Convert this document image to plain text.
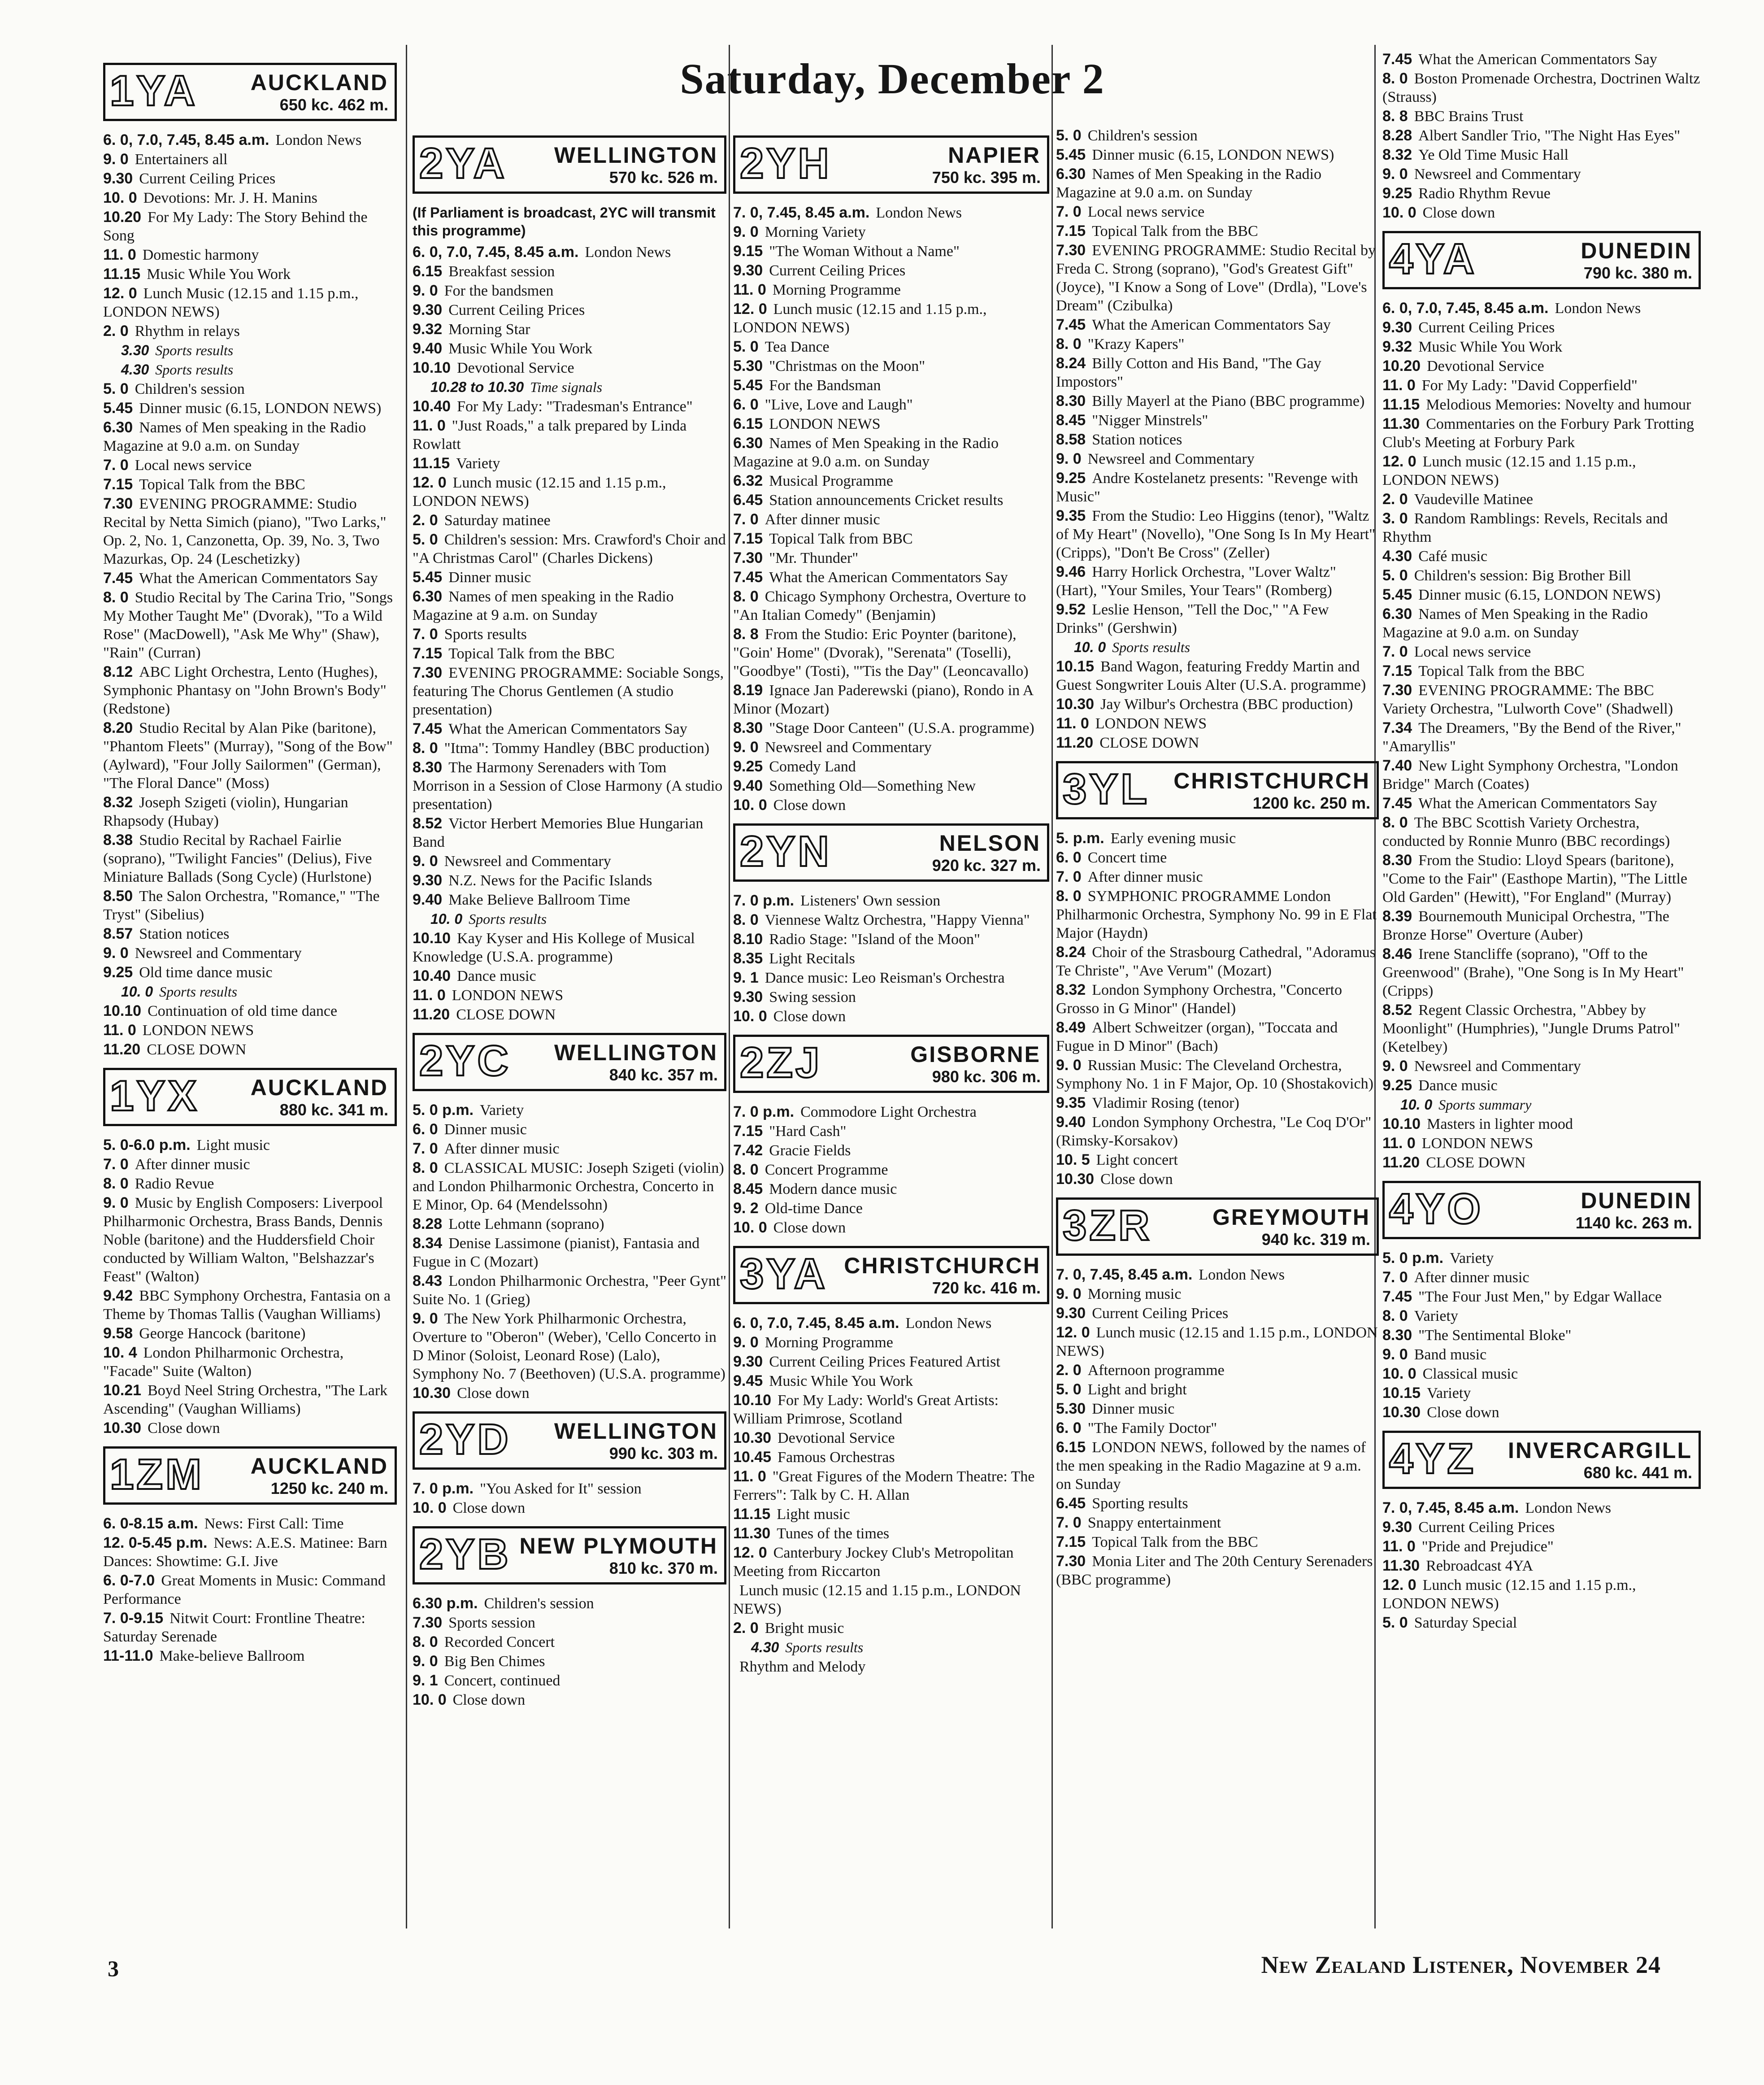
Saturday, December 2
1YA AUCKLAND
650 kc. 462 m.
6. 0, 7.0, 7.45, 8.45 a.m. London News
9. 0 Entertainers all
9.30 Current Ceiling Prices
10. 0 Devotions: Mr. J. H. Manins
10.20 For My Lady: The Story Behind the Song
11. 0 Domestic harmony
11.15 Music While You Work
12. 0 Lunch Music (12.15 and 1.15 p.m., LONDON NEWS)
2. 0 Rhythm in relays
3.30 Sports results
4.30 Sports results
5. 0 Children's session
5.45 Dinner music (6.15, LONDON NEWS)
6.30 Names of Men speaking in the Radio Magazine at 9.0 a.m. on Sunday
7. 0 Local news service
7.15 Topical Talk from the BBC
7.30 EVENING PROGRAMME: Studio Recital by Netta Simich (piano), "Two Larks," Op. 2, No. 1, Canzonetta, Op. 39, No. 3, Two Mazurkas, Op. 24 (Leschetizky)
7.45 What the American Commentators Say
8. 0 Studio Recital by The Carina Trio, "Songs My Mother Taught Me" (Dvorak), "To a Wild Rose" (MacDowell), "Ask Me Why" (Shaw), "Rain" (Curran)
8.12 ABC Light Orchestra, Lento (Hughes), Symphonic Phantasy on "John Brown's Body" (Redstone)
8.20 Studio Recital by Alan Pike (baritone), "Phantom Fleets" (Murray), "Song of the Bow" (Aylward), "Four Jolly Sailormen" (German), "The Floral Dance" (Moss)
8.32 Joseph Szigeti (violin), Hungarian Rhapsody (Hubay)
8.38 Studio Recital by Rachael Fairlie (soprano), "Twilight Fancies" (Delius), Five Miniature Ballads (Song Cycle) (Hurlstone)
8.50 The Salon Orchestra, "Romance," "The Tryst" (Sibelius)
8.57 Station notices
9. 0 Newsreel and Commentary
9.25 Old time dance music
10. 0 Sports results
10.10 Continuation of old time dance
11. 0 LONDON NEWS
11.20 CLOSE DOWN
1YX AUCKLAND
880 kc. 341 m.
5. 0-6.0 p.m. Light music
7. 0 After dinner music
8. 0 Radio Revue
9. 0 Music by English Composers: Liverpool Philharmonic Orchestra, Brass Bands, Dennis Noble (baritone) and the Huddersfield Choir conducted by William Walton, "Belshazzar's Feast" (Walton)
9.42 BBC Symphony Orchestra, Fantasia on a Theme by Thomas Tallis (Vaughan Williams)
9.58 George Hancock (baritone)
10. 4 London Philharmonic Orchestra, "Facade" Suite (Walton)
10.21 Boyd Neel String Orchestra, "The Lark Ascending" (Vaughan Williams)
10.30 Close down
1ZM AUCKLAND
1250 kc. 240 m.
6. 0-8.15 a.m. News: First Call: Time
12. 0-5.45 p.m. News: A.E.S. Matinee: Barn Dances: Showtime: G.I. Jive
6. 0-7.0 Great Moments in Music: Command Performance
7. 0-9.15 Nitwit Court: Frontline Theatre: Saturday Serenade
11-11.0 Make-believe Ballroom
2YA WELLINGTON
570 kc. 526 m.
(If Parliament is broadcast, 2YC will transmit this programme)
6. 0, 7.0, 7.45, 8.45 a.m. London News
6.15 Breakfast session
9. 0 For the bandsmen
9.30 Current Ceiling Prices
9.32 Morning Star
9.40 Music While You Work
10.10 Devotional Service
10.28 to 10.30 Time signals
10.40 For My Lady: "Tradesman's Entrance"
11. 0 "Just Roads," a talk prepared by Linda Rowlatt
11.15 Variety
12. 0 Lunch music (12.15 and 1.15 p.m., LONDON NEWS)
2. 0 Saturday matinee
5. 0 Children's session: Mrs. Crawford's Choir and "A Christmas Carol" (Charles Dickens)
5.45 Dinner music
6.30 Names of men speaking in the Radio Magazine at 9 a.m. on Sunday
7. 0 Sports results
7.15 Topical Talk from the BBC
7.30 EVENING PROGRAMME: Sociable Songs, featuring The Chorus Gentlemen (A studio presentation)
7.45 What the American Commentators Say
8. 0 "Itma": Tommy Handley (BBC production)
8.30 The Harmony Serenaders with Tom Morrison in a Session of Close Harmony (A studio presentation)
8.52 Victor Herbert Memories Blue Hungarian Band
9. 0 Newsreel and Commentary
9.30 N.Z. News for the Pacific Islands
9.40 Make Believe Ballroom Time
10. 0 Sports results
10.10 Kay Kyser and His Kollege of Musical Knowledge (U.S.A. programme)
10.40 Dance music
11. 0 LONDON NEWS
11.20 CLOSE DOWN
2YC WELLINGTON
840 kc. 357 m.
5. 0 p.m. Variety
6. 0 Dinner music
7. 0 After dinner music
8. 0 CLASSICAL MUSIC: Joseph Szigeti (violin) and London Philharmonic Orchestra, Concerto in E Minor, Op. 64 (Mendelssohn)
8.28 Lotte Lehmann (soprano)
8.34 Denise Lassimone (pianist), Fantasia and Fugue in C (Mozart)
8.43 London Philharmonic Orchestra, "Peer Gynt" Suite No. 1 (Grieg)
9. 0 The New York Philharmonic Orchestra, Overture to "Oberon" (Weber), 'Cello Concerto in D Minor (Soloist, Leonard Rose) (Lalo), Symphony No. 7 (Beethoven) (U.S.A. programme)
10.30 Close down
2YD WELLINGTON
990 kc. 303 m.
7. 0 p.m. "You Asked for It" session
10. 0 Close down
2YB NEW PLYMOUTH
810 kc. 370 m.
6.30 p.m. Children's session
7.30 Sports session
8. 0 Recorded Concert
9. 0 Big Ben Chimes
9. 1 Concert, continued
10. 0 Close down
2YH	NAPIER
750 kc. 395 m.
7. 0, 7.45, 8.45 a.m. London News
9. 0 Morning Variety
9.15 "The Woman Without a Name"
9.30 Current Ceiling Prices
11. 0 Morning Programme
12. 0 Lunch music (12.15 and 1.15 p.m., LONDON NEWS)
5. 0 Tea Dance
5.30 "Christmas on the Moon"
5.45 For the Bandsman
6. 0 "Live, Love and Laugh"
6.15 LONDON NEWS
6.30 Names of Men Speaking in the Radio Magazine at 9.0 a.m. on Sunday
6.32 Musical Programme
6.45 Station announcements Cricket results
7. 0 After dinner music
7.15 Topical Talk from BBC
7.30 "Mr. Thunder"
7.45 What the American Commentators Say
8. 0 Chicago Symphony Orchestra, Overture to "An Italian Comedy" (Benjamin)
8. 8 From the Studio: Eric Poynter (baritone), "Goin' Home" (Dvorak), "Serenata" (Toselli), "Goodbye" (Tosti), "'Tis the Day" (Leoncavallo)
8.19 Ignace Jan Paderewski (piano), Rondo in A Minor (Mozart)
8.30 "Stage Door Canteen" (U.S.A. programme)
9. 0 Newsreel and Commentary
9.25 Comedy Land
9.40 Something Old—Something New
10. 0 Close down
2YN	NELSON
920 kc. 327 m.
7. 0 p.m. Listeners' Own session
8. 0 Viennese Waltz Orchestra, "Happy Vienna"
8.10 Radio Stage: "Island of the Moon"
8.35 Light Recitals
9. 1 Dance music: Leo Reisman's Orchestra
9.30 Swing session
10. 0 Close down
2ZJ	GISBORNE
980 kc. 306 m.
7. 0 p.m. Commodore Light Orchestra
7.15 "Hard Cash"
7.42 Gracie Fields
8. 0 Concert Programme
8.45 Modern dance music
9. 2 Old-time Dance
10. 0 Close down
3YA CHRISTCHURCH
720 kc. 416 m.
6. 0, 7.0, 7.45, 8.45 a.m. London News
9. 0 Morning Programme
9.30 Current Ceiling Prices Featured Artist
9.45 Music While You Work
10.10 For My Lady: World's Great Artists: William Primrose, Scotland
10.30 Devotional Service
10.45 Famous Orchestras
11. 0 "Great Figures of the Modern Theatre: The Ferrers": Talk by C. H. Allan
11.15 Light music
11.30 Tunes of the times
12. 0 Canterbury Jockey Club's Metropolitan Meeting from Riccarton
Lunch music (12.15 and 1.15 p.m., LONDON NEWS)
2. 0 Bright music
4.30 Sports results
Rhythm and Melody
5. 0 Children's session
5.45 Dinner music (6.15, LONDON NEWS)
6.30 Names of Men Speaking in the Radio Magazine at 9.0 a.m. on Sunday
7. 0 Local news service
7.15 Topical Talk from the BBC
7.30 EVENING PROGRAMME: Studio Recital by Freda C. Strong (soprano), "God's Greatest Gift" (Joyce), "I Know a Song of Love" (Drdla), "Love's Dream" (Czibulka)
7.45 What the American Commentators Say
8. 0 "Krazy Kapers"
8.24 Billy Cotton and His Band, "The Gay Impostors"
8.30 Billy Mayerl at the Piano (BBC programme)
8.45 "Nigger Minstrels"
8.58 Station notices
9. 0 Newsreel and Commentary
9.25 Andre Kostelanetz presents: "Revenge with Music"
9.35 From the Studio: Leo Higgins (tenor), "Waltz of My Heart" (Novello), "One Song Is In My Heart" (Cripps), "Don't Be Cross" (Zeller)
9.46 Harry Horlick Orchestra, "Lover Waltz" (Hart), "Your Smiles, Your Tears" (Romberg)
9.52 Leslie Henson, "Tell the Doc," "A Few Drinks" (Gershwin)
10. 0 Sports results
10.15 Band Wagon, featuring Freddy Martin and Guest Songwriter Louis Alter (U.S.A. programme)
10.30 Jay Wilbur's Orchestra (BBC production)
11. 0 LONDON NEWS
11.20 CLOSE DOWN
3YL CHRISTCHURCH
1200 kc. 250 m.
5. p.m. Early evening music
6. 0 Concert time
7. 0 After dinner music
8. 0 SYMPHONIC PROGRAMME London Philharmonic Orchestra, Symphony No. 99 in E Flat Major (Haydn)
8.24 Choir of the Strasbourg Cathedral, "Adoramus Te Christe", "Ave Verum" (Mozart)
8.32 London Symphony Orchestra, "Concerto Grosso in G Minor" (Handel)
8.49 Albert Schweitzer (organ), "Toccata and Fugue in D Minor" (Bach)
9. 0 Russian Music: The Cleveland Orchestra, Symphony No. 1 in F Major, Op. 10 (Shostakovich)
9.35 Vladimir Rosing (tenor)
9.40 London Symphony Orchestra, "Le Coq D'Or" (Rimsky-Korsakov)
10. 5 Light concert
10.30 Close down
3ZR	GREYMOUTH
940 kc. 319 m.
7. 0, 7.45, 8.45 a.m. London News
9. 0 Morning music
9.30 Current Ceiling Prices
12. 0 Lunch music (12.15 and 1.15 p.m., LONDON NEWS)
2. 0 Afternoon programme
5. 0 Light and bright
5.30 Dinner music
6. 0 "The Family Doctor"
6.15 LONDON NEWS, followed by the names of the men speaking in the Radio Magazine at 9 a.m. on Sunday
6.45 Sporting results
7. 0 Snappy entertainment
7.15 Topical Talk from the BBC
7.30 Monia Liter and The 20th Century Serenaders (BBC programme)
7.45 What the American Commentators Say
8. 0 Boston Promenade Orchestra, Doctrinen Waltz (Strauss)
8. 8 BBC Brains Trust
8.28 Albert Sandler Trio, "The Night Has Eyes"
8.32 Ye Old Time Music Hall
9. 0 Newsreel and Commentary
9.25 Radio Rhythm Revue
10. 0 Close down
4YA	DUNEDIN
790 kc. 380 m.
6. 0, 7.0, 7.45, 8.45 a.m. London News
9.30 Current Ceiling Prices
9.32 Music While You Work
10.20 Devotional Service
11. 0 For My Lady: "David Copperfield"
11.15 Melodious Memories: Novelty and humour
11.30 Commentaries on the Forbury Park Trotting Club's Meeting at Forbury Park
12. 0 Lunch music (12.15 and 1.15 p.m., LONDON NEWS)
2. 0 Vaudeville Matinee
3. 0 Random Ramblings: Revels, Recitals and Rhythm
4.30 Café music
5. 0 Children's session: Big Brother Bill
5.45 Dinner music (6.15, LONDON NEWS)
6.30 Names of Men Speaking in the Radio Magazine at 9.0 a.m. on Sunday
7. 0 Local news service
7.15 Topical Talk from the BBC
7.30 EVENING PROGRAMME: The BBC Variety Orchestra, "Lulworth Cove" (Shadwell)
7.34 The Dreamers, "By the Bend of the River," "Amaryllis"
7.40 New Light Symphony Orchestra, "London Bridge" March (Coates)
7.45 What the American Commentators Say
8. 0 The BBC Scottish Variety Orchestra, conducted by Ronnie Munro (BBC recordings)
8.30 From the Studio: Lloyd Spears (baritone), "Come to the Fair" (Easthope Martin), "The Little Old Garden" (Hewitt), "For England" (Murray)
8.39 Bournemouth Municipal Orchestra, "The Bronze Horse" Overture (Auber)
8.46 Irene Stancliffe (soprano), "Off to the Greenwood" (Brahe), "One Song is In My Heart" (Cripps)
8.52 Regent Classic Orchestra, "Abbey by Moonlight" (Humphries), "Jungle Drums Patrol" (Ketelbey)
9. 0 Newsreel and Commentary
9.25 Dance music
10. 0 Sports summary
10.10 Masters in lighter mood
11. 0 LONDON NEWS
11.20 CLOSE DOWN
4YO	DUNEDIN
1140 kc. 263 m.
5. 0 p.m. Variety
7. 0 After dinner music
7.45 "The Four Just Men," by Edgar Wallace
8. 0 Variety
8.30 "The Sentimental Bloke"
9. 0 Band music
10. 0 Classical music
10.15 Variety
10.30 Close down
4YZ INVERCARGILL
680 kc. 441 m.
7. 0, 7.45, 8.45 a.m. London News
9.30 Current Ceiling Prices
11. 0 "Pride and Prejudice"
11.30 Rebroadcast 4YA
12. 0 Lunch music (12.15 and 1.15 p.m., LONDON NEWS)
5. 0 Saturday Special
3	New Zealand Listener, November 24
